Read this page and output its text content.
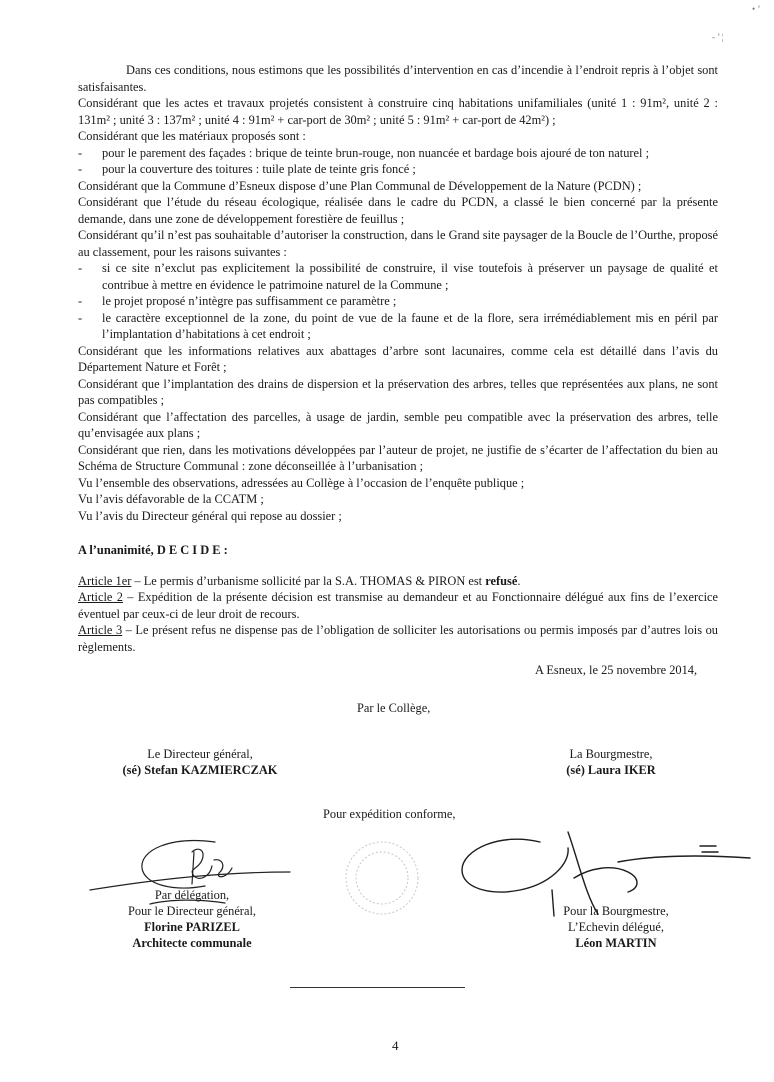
• ’
- ’ ¦

Dans ces conditions, nous estimons que les possibilités d’intervention en cas d’incendie à l’endroit repris à l’objet sont satisfaisantes.

Considérant que les actes et travaux projetés consistent à construire cinq habitations unifamiliales (unité 1 : 91m², unité 2 : 131m² ; unité 3 : 137m² ; unité 4 : 91m² + car-port de 30m² ; unité 5 : 91m² + car-port de 42m²) ;

Considérant que les matériaux proposés sont :

- pour le parement des façades : brique de teinte brun-rouge, non nuancée et bardage bois ajouré de ton naturel ;

- pour la couverture des toitures : tuile plate de teinte gris foncé ;

Considérant que la Commune d’Esneux dispose d’une Plan Communal de Développement de la Nature (PCDN) ;

Considérant que l’étude du réseau écologique, réalisée dans le cadre du PCDN, a classé le bien concerné par la présente demande, dans une zone de développement forestière de feuillus ;

Considérant qu’il n’est pas souhaitable d’autoriser la construction, dans le Grand site paysager de la Boucle de l’Ourthe, proposé au classement, pour les raisons suivantes :

- si ce site n’exclut pas explicitement la possibilité de construire, il vise toutefois à préserver un paysage de qualité et contribue à mettre en évidence le patrimoine naturel de la Commune ;

- le projet proposé n’intègre pas suffisamment ce paramètre ;

- le caractère exceptionnel de la zone, du point de vue de la faune et de la flore, sera irrémédiablement mis en péril par l’implantation d’habitations à cet endroit ;

Considérant que les informations relatives aux abattages d’arbre sont lacunaires, comme cela est détaillé dans l’avis du Département Nature et Forêt ;

Considérant que l’implantation des drains de dispersion et la préservation des arbres, telles que représentées aux plans, ne sont pas compatibles ;

Considérant que l’affectation des parcelles, à usage de jardin, semble peu compatible avec la préservation des arbres, telle qu’envisagée aux plans ;

Considérant que rien, dans les motivations développées par l’auteur de projet, ne justifie de s’écarter de l’affectation du bien au Schéma de Structure Communal : zone déconseillée à l’urbanisation ;

Vu l’ensemble des observations, adressées au Collège à l’occasion de l’enquête publique ;

Vu l’avis défavorable de la CCATM ;

Vu l’avis du Directeur général qui repose au dossier ;

A l’unanimité, D E C I D E :

Article 1er – Le permis d’urbanisme sollicité par la S.A. THOMAS & PIRON est refusé.

Article 2 – Expédition de la présente décision est transmise au demandeur et au Fonctionnaire délégué aux fins de l’exercice éventuel par ceux-ci de leur droit de recours.

Article 3 – Le présent refus ne dispense pas de l’obligation de solliciter les autorisations ou permis imposés par d’autres lois ou règlements.

A Esneux, le 25 novembre 2014,
Par le Collège,
Le Directeur général,
(sé) Stefan KAZMIERCZAK
La Bourgmestre,
(sé) Laura IKER
Pour expédition conforme,
Par délégation,
Pour le Directeur général,
Florine PARIZEL
Architecte communale
Pour la Bourgmestre,
L’Echevin délégué,
Léon MARTIN
4
